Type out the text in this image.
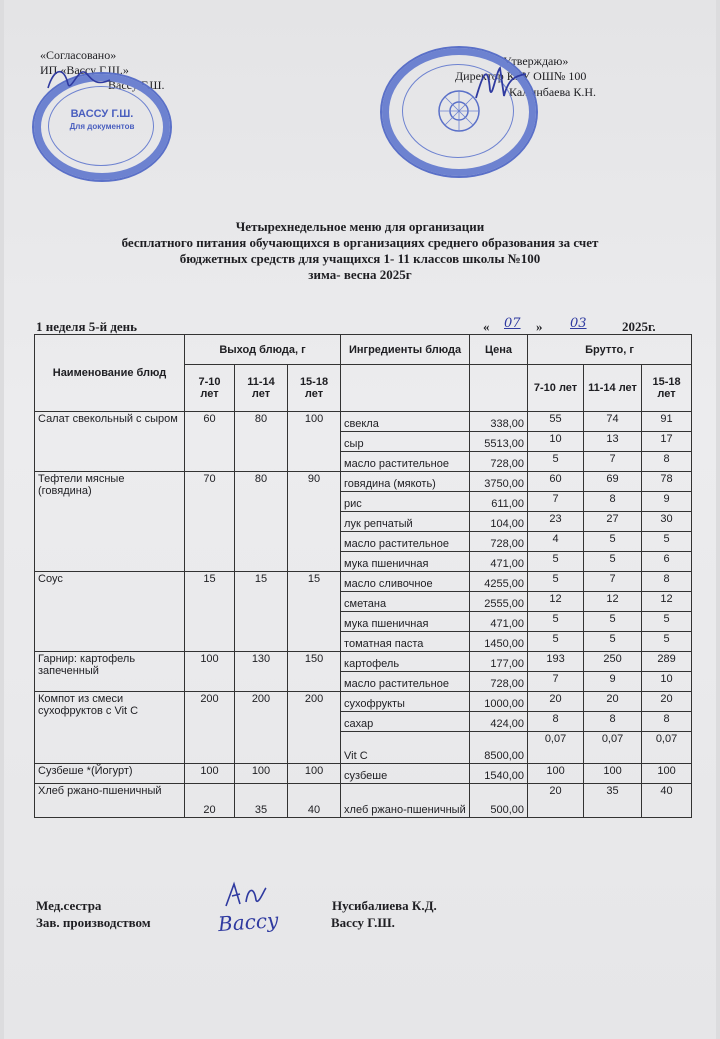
«Согласовано»
ИП «Вассу Г.Ш.»
Вассу Г.Ш.
ВАССУ Г.Ш.
Для документов
«Утверждаю»
Директор КГУ ОШ№ 100
Калынбаева К.Н.
Четырехнедельное меню для организации
бесплатного питания обучающихся в организациях среднего образования за счет
бюджетных средств для учащихся 1- 11 классов школы №100
зима- весна 2025г
1 неделя 5-й день	« 07 » 03	2025г.
Наименование блюд	Выход блюда, г			Ингредиенты блюда	Цена	Брутто, г		
	7-10 лет	11-14 лет	15-18 лет			7-10 лет	11-14 лет	15-18 лет
Салат свекольный с сыром	60	80	100	свекла	338,00	55	74	91
				сыр	5513,00	10	13	17
				масло растительное	728,00	5	7	8
Тефтели мясные (говядина)	70	80	90	говядина (мякоть)	3750,00	60	69	78
				рис	611,00	7	8	9
				лук репчатый	104,00	23	27	30
				масло растительное	728,00	4	5	5
				мука пшеничная	471,00	5	5	6
Соус	15	15	15	масло сливочное	4255,00	5	7	8
				сметана	2555,00	12	12	12
				мука пшеничная	471,00	5	5	5
				томатная паста	1450,00	5	5	5
Гарнир: картофель запеченный	100	130	150	картофель	177,00	193	250	289
				масло растительное	728,00	7	9	10
Компот из смеси сухофруктов с Vit C	200	200	200	сухофрукты	1000,00	20	20	20
				сахар	424,00	8	8	8
				Vit C	8500,00	0,07	0,07	0,07
Сузбеше *(Йогурт)	100	100	100	сузбеше	1540,00	100	100	100
Хлеб ржано-пшеничный	20	35	40	хлеб ржано-пшеничный	500,00	20	35	40
Мед.сестра	Нусибалиева К.Д.
Зав. производством	Вассу Г.Ш.
Вассу
